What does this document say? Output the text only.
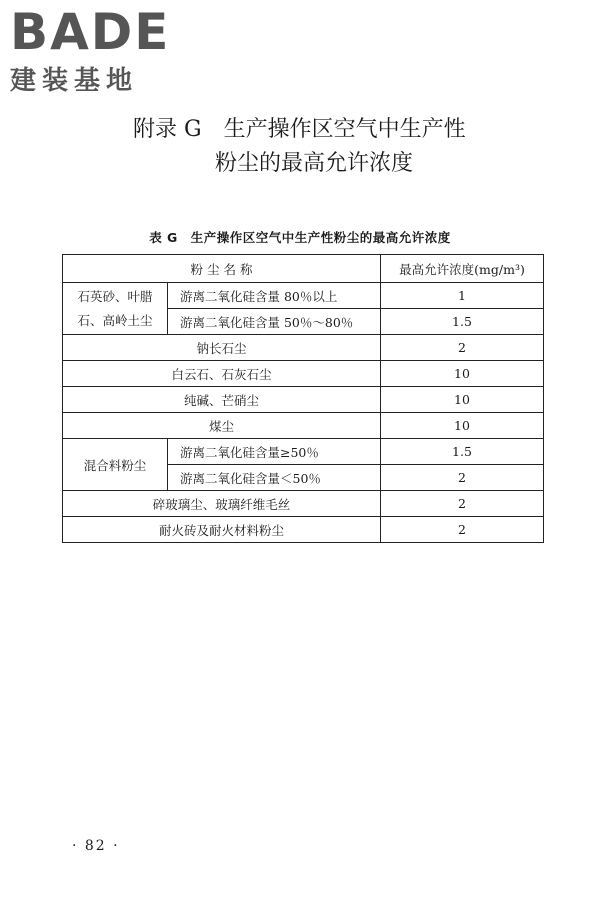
BADE
建装基地
附录 G　生产操作区空气中生产性
粉尘的最高允许浓度
表 G　生产操作区空气中生产性粉尘的最高允许浓度
粉 尘 名 称		最高允许浓度(mg/m³)
石英砂、叶腊石、高岭土尘	游离二氧化硅含量 80％以上	1
	游离二氧化硅含量 50％～80％	1.5
钠长石尘		2
白云石、石灰石尘		10
纯碱、芒硝尘		10
煤尘		10
混合料粉尘	游离二氧化硅含量≥50％	1.5
	游离二氧化硅含量＜50％	2
碎玻璃尘、玻璃纤维毛丝		2
耐火砖及耐火材料粉尘		2
· 82 ·
